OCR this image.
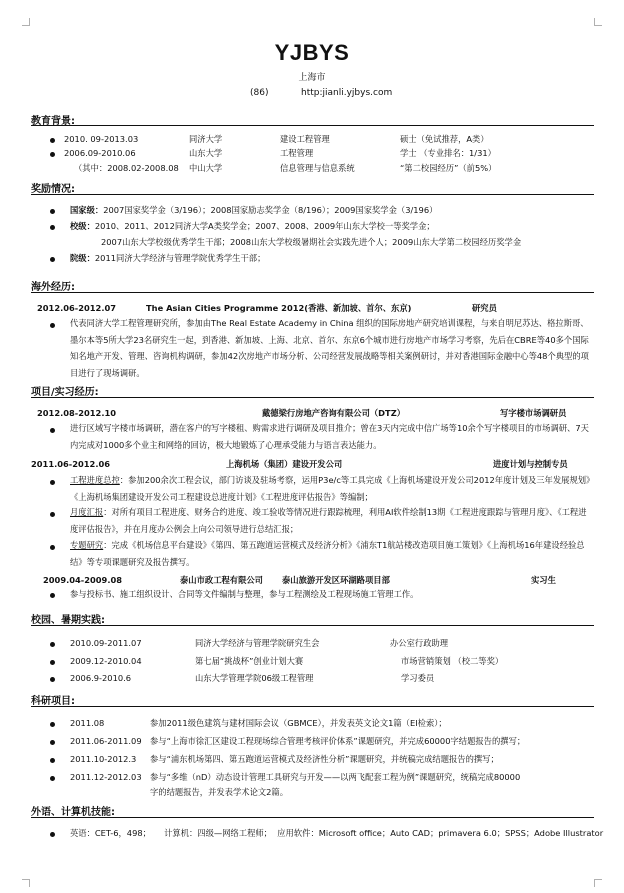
YJBYS
上海市
(86)	http:jianli.yjbys.com
教育背景:
2010. 09-2013.03	同济大学	建设工程管理	硕士（免试推荐，A类）
2006.09-2010.06	山东大学	工程管理	学士 （专业排名：1/31）
（其中：2008.02-2008.08 中山大学	信息管理与信息系统	“第二校园经历”（前5%）
奖励情况:
国家级：2007国家奖学金（3/196）；2008国家励志奖学金（8/196）；2009国家奖学金（3/196）
校级：2010、2011、2012同济大学A类奖学金；2007、2008、2009年山东大学校一等奖学金；
2007山东大学校级优秀学生干部；2008山东大学校级暑期社会实践先进个人；2009山东大学第二校园经历奖学金
院级：2011同济大学经济与管理学院优秀学生干部；
海外经历:
2012.06-2012.07	The Asian Cities Programme 2012(香港、新加坡、首尔、东京)	研究员
代表同济大学工程管理研究所，参加由The Real Estate Academy in China 组织的国际房地产研究培训课程，与来自明尼苏达、格拉斯哥、墨尔本等5所大学23名研究生一起，到香港、新加坡、上海、北京、首尔、东京6个城市进行房地产市场学习考察，先后在CBRE等40多个国际知名地产开发、管理、咨询机构调研，参加42次房地产市场分析、公司经营发展战略等相关案例研讨，并对香港国际金融中心等48个典型的项目进行了现场调研。
项目/实习经历:
2012.08-2012.10	戴德梁行房地产咨询有限公司（DTZ）	写字楼市场调研员
进行区域写字楼市场调研，潜在客户的写字楼租、购需求进行调研及项目推介；曾在3天内完成中信广场等10余个写字楼项目的市场调研、7天内完成对1000多个业主和网络的回访，极大地锻炼了心理承受能力与语言表达能力。
2011.06-2012.06	上海机场（集团）建设开发公司	进度计划与控制专员
工程进度总控：参加200余次工程会议，部门访谈及驻场考察，运用P3e/c等工具完成《上海机场建设开发公司2012年度计划及三年发展规划》《上海机场集团建设开发公司工程建设总进度计划》《工程进度评估报告》等编制；
月度汇报：对所有项目工程进度、财务合约进度、竣工验收等情况进行跟踪梳理，利用AI软件绘制13期《工程进度跟踪与管理月度》、《工程进度评估报告》，并在月度办公例会上向公司领导进行总结汇报；
专题研究：完成《机场信息平台建设》《第四、第五跑道运营模式及经济分析》《浦东T1航站楼改造项目施工策划》《上海机场16年建设经验总结》等专项课题研究及报告撰写。
2009.04-2009.08	泰山市政工程有限公司 泰山旅游开发区环湖路项目部	实习生
参与投标书、施工组织设计、合同等文件编制与整理，参与工程测绘及工程现场施工管理工作。
校园、暑期实践:
2010.09-2011.07	同济大学经济与管理学院研究生会	办公室行政助理
2009.12-2010.04	第七届“挑战杯”创业计划大赛	市场营销策划 （校二等奖）
2006.9-2010.6	山东大学管理学院06级工程管理	学习委员
科研项目:
2011.08	参加2011级色建筑与建材国际会议（GBMCE），并发表英文论文1篇（EI检索）；
2011.06-2011.09 参与“上海市徐汇区建设工程现场综合管理考核评价体系”课题研究，并完成60000字结题报告的撰写；
2011.10-2012.3 参与“浦东机场第四、第五跑道运营模式及经济性分析”课题研究，并统稿完成结题报告的撰写；
2011.12-2012.03 参与“多维（nD）动态设计管理工具研究与开发——以两飞配套工程为例”课题研究，统稿完成80000
字的结题报告，并发表学术论文2篇。
外语、计算机技能:
英语：CET-6，498；     计算机：四级—网络工程师；  应用软件：Microsoft office；Auto CAD；primavera 6.0；SPSS；Adobe Illustrator
